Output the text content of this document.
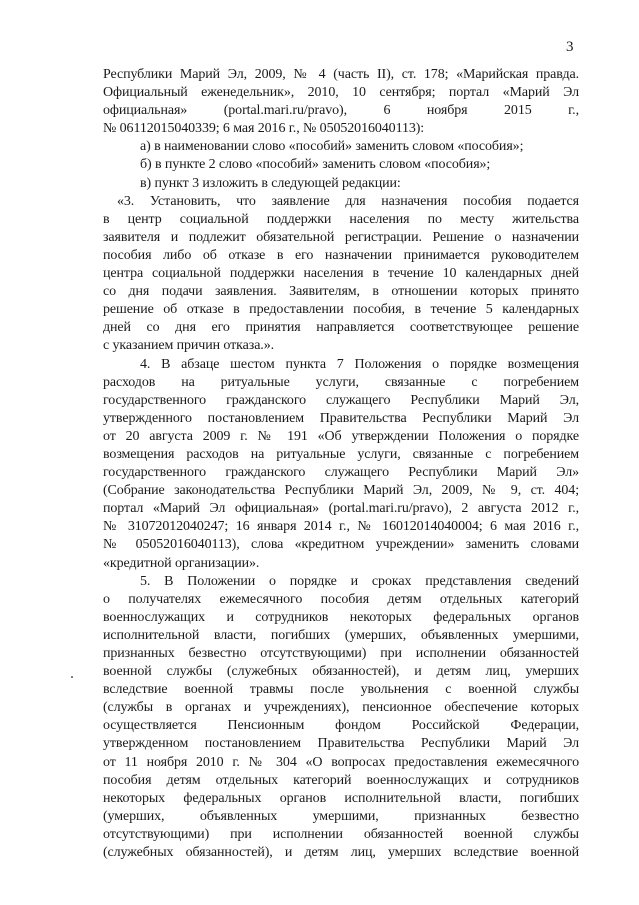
3
Республики Марий Эл, 2009, № 4 (часть II), ст. 178; «Марийская правда.
Официальный еженедельник», 2010, 10 сентября; портал «Марий Эл
официальная» (portal.mari.ru/pravo), 6 ноября 2015 г.,
№ 06112015040339; 6 мая 2016 г., № 05052016040113):
а) в наименовании слово «пособий» заменить словом «пособия»;
б) в пункте 2 слово «пособий» заменить словом «пособия»;
в) пункт 3 изложить в следующей редакции:
«3. Установить, что заявление для назначения пособия подается
в центр социальной поддержки населения по месту жительства
заявителя и подлежит обязательной регистрации. Решение о назначении
пособия либо об отказе в его назначении принимается руководителем
центра социальной поддержки населения в течение 10 календарных дней
со дня подачи заявления. Заявителям, в отношении которых принято
решение об отказе в предоставлении пособия, в течение 5 календарных
дней со дня его принятия направляется соответствующее решение
с указанием причин отказа.».
4. В абзаце шестом пункта 7 Положения о порядке возмещения
расходов на ритуальные услуги, связанные с погребением
государственного гражданского служащего Республики Марий Эл,
утвержденного постановлением Правительства Республики Марий Эл
от 20 августа 2009 г. № 191 «Об утверждении Положения о порядке
возмещения расходов на ритуальные услуги, связанные с погребением
государственного гражданского служащего Республики Марий Эл»
(Собрание законодательства Республики Марий Эл, 2009, № 9, ст. 404;
портал «Марий Эл официальная» (portal.mari.ru/pravo), 2 августа 2012 г.,
№ 31072012040247; 16 января 2014 г., № 16012014040004; 6 мая 2016 г.,
№ 05052016040113), слова «кредитном учреждении» заменить словами
«кредитной организации».
5. В Положении о порядке и сроках представления сведений
о получателях ежемесячного пособия детям отдельных категорий
военнослужащих и сотрудников некоторых федеральных органов
исполнительной власти, погибших (умерших, объявленных умершими,
признанных безвестно отсутствующими) при исполнении обязанностей
военной службы (служебных обязанностей), и детям лиц, умерших
вследствие военной травмы после увольнения с военной службы
(службы в органах и учреждениях), пенсионное обеспечение которых
осуществляется Пенсионным фондом Российской Федерации,
утвержденном постановлением Правительства Республики Марий Эл
от 11 ноября 2010 г. № 304 «О вопросах предоставления ежемесячного
пособия детям отдельных категорий военнослужащих и сотрудников
некоторых федеральных органов исполнительной власти, погибших
(умерших, объявленных умершими, признанных безвестно
отсутствующими) при исполнении обязанностей военной службы
(служебных обязанностей), и детям лиц, умерших вследствие военной
